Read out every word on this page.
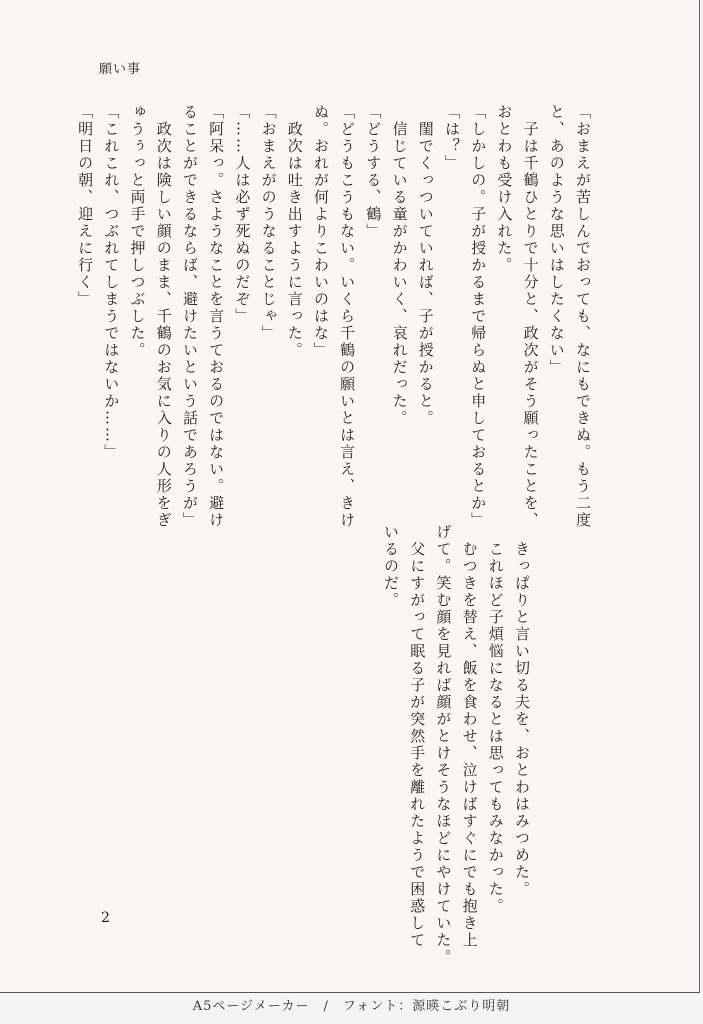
願い事

「おまえが苦しんでおっても、なにもできぬ。もう二度

と、あのような思いはしたくない」

　子は千鶴ひとりで十分と、政次がそう願ったことを、

おとわも受け入れた。

「しかしの。子が授かるまで帰らぬと申しておるとか」

「は？」

　閨でくっついていれば、子が授かると。

　信じている童がかわいく、哀れだった。

「どうする、鶴」

「どうもこうもない。いくら千鶴の願いとは言え、きけ

ぬ。おれが何よりこわいのはな」

　政次は吐き出すように言った。

「おまえがのうなることじゃ」

「……人は必ず死ぬのだぞ」

「阿呆っ。さようなことを言うておるのではない。避け

ることができるならば、避けたいという話であろうが」

　政次は険しい顔のまま、千鶴のお気に入りの人形をぎ

ゅうぅっと両手で押しつぶした。

「これこれ、つぶれてしまうではないか……」

「明日の朝、迎えに行く」

　きっぱりと言い切る夫を、おとわはみつめた。

　これほど子煩悩になるとは思ってもみなかった。

　むつきを替え、飯を食わせ、泣けばすぐにでも抱き上

げて。笑む顔を見れば顔がとけそうなほどにやけていた。

　父にすがって眠る子が突然手を離れたようで困惑して

いるのだ。

2
A5ページメーカー　/　フォント：源暎こぶり明朝
